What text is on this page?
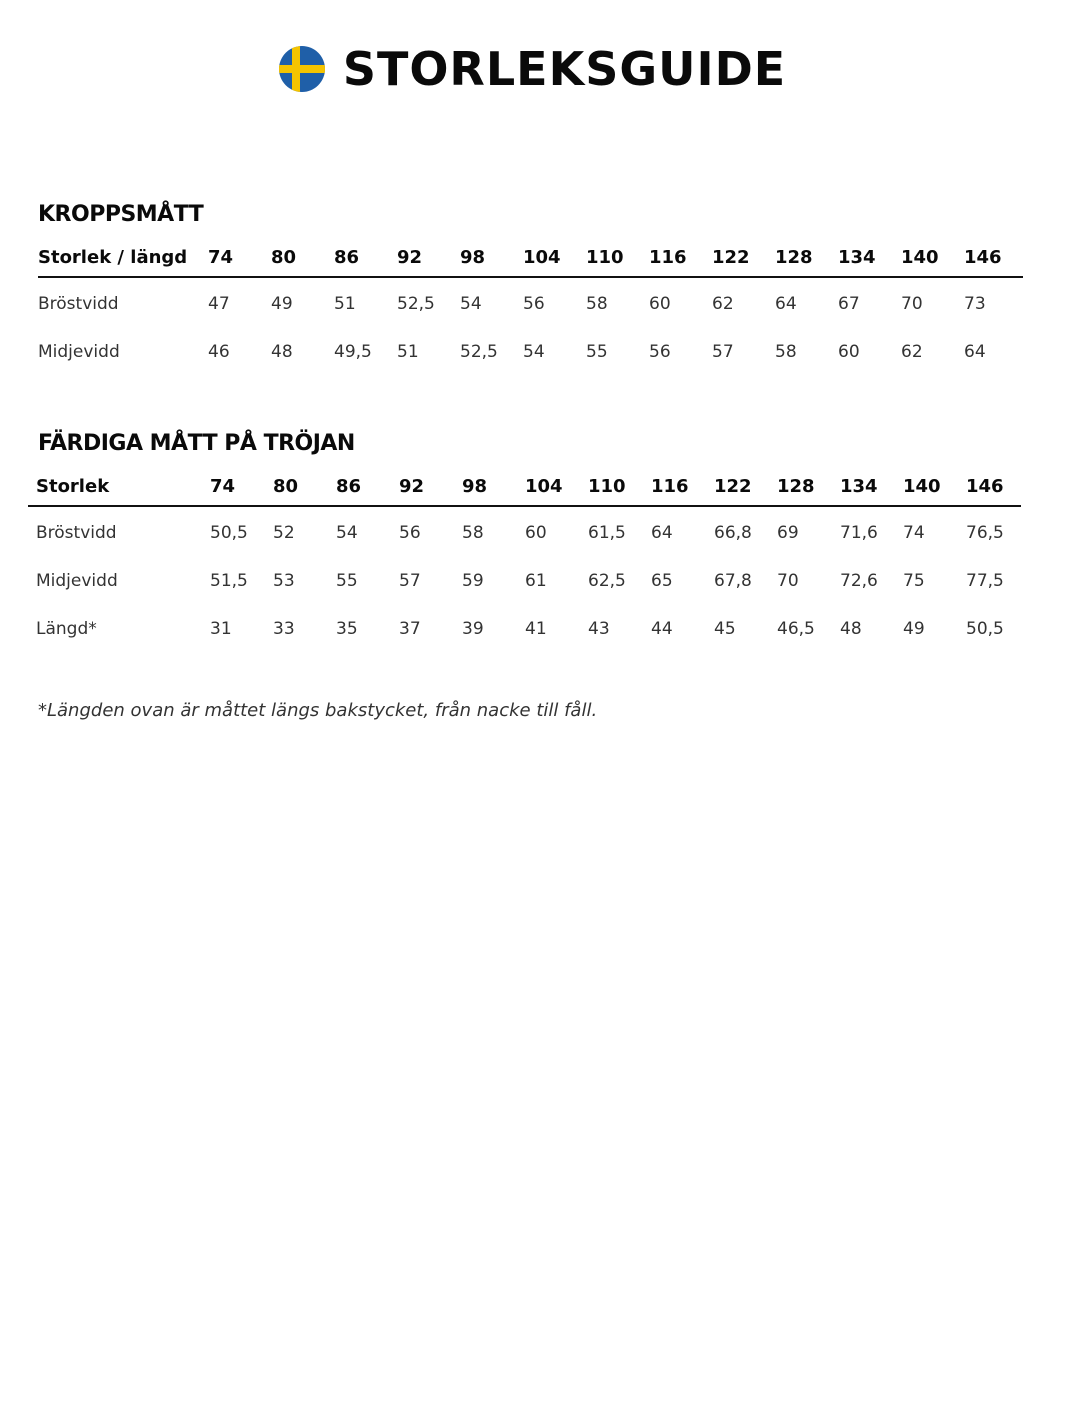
STORLEKSGUIDE
KROPPSMÅTT
Storlek / längd	74	80	86	92	98	104	110	116	122	128	134	140	146
Bröstvidd	47	49	51	52,5	54	56	58	60	62	64	67	70	73
Midjevidd	46	48	49,5	51	52,5	54	55	56	57	58	60	62	64
FÄRDIGA MÅTT PÅ TRÖJAN
Storlek	74	80	86	92	98	104	110	116	122	128	134	140	146
Bröstvidd	50,5	52	54	56	58	60	61,5	64	66,8	69	71,6	74	76,5
Midjevidd	51,5	53	55	57	59	61	62,5	65	67,8	70	72,6	75	77,5
Längd*	31	33	35	37	39	41	43	44	45	46,5	48	49	50,5
*Längden ovan är måttet längs bakstycket, från nacke till fåll.
